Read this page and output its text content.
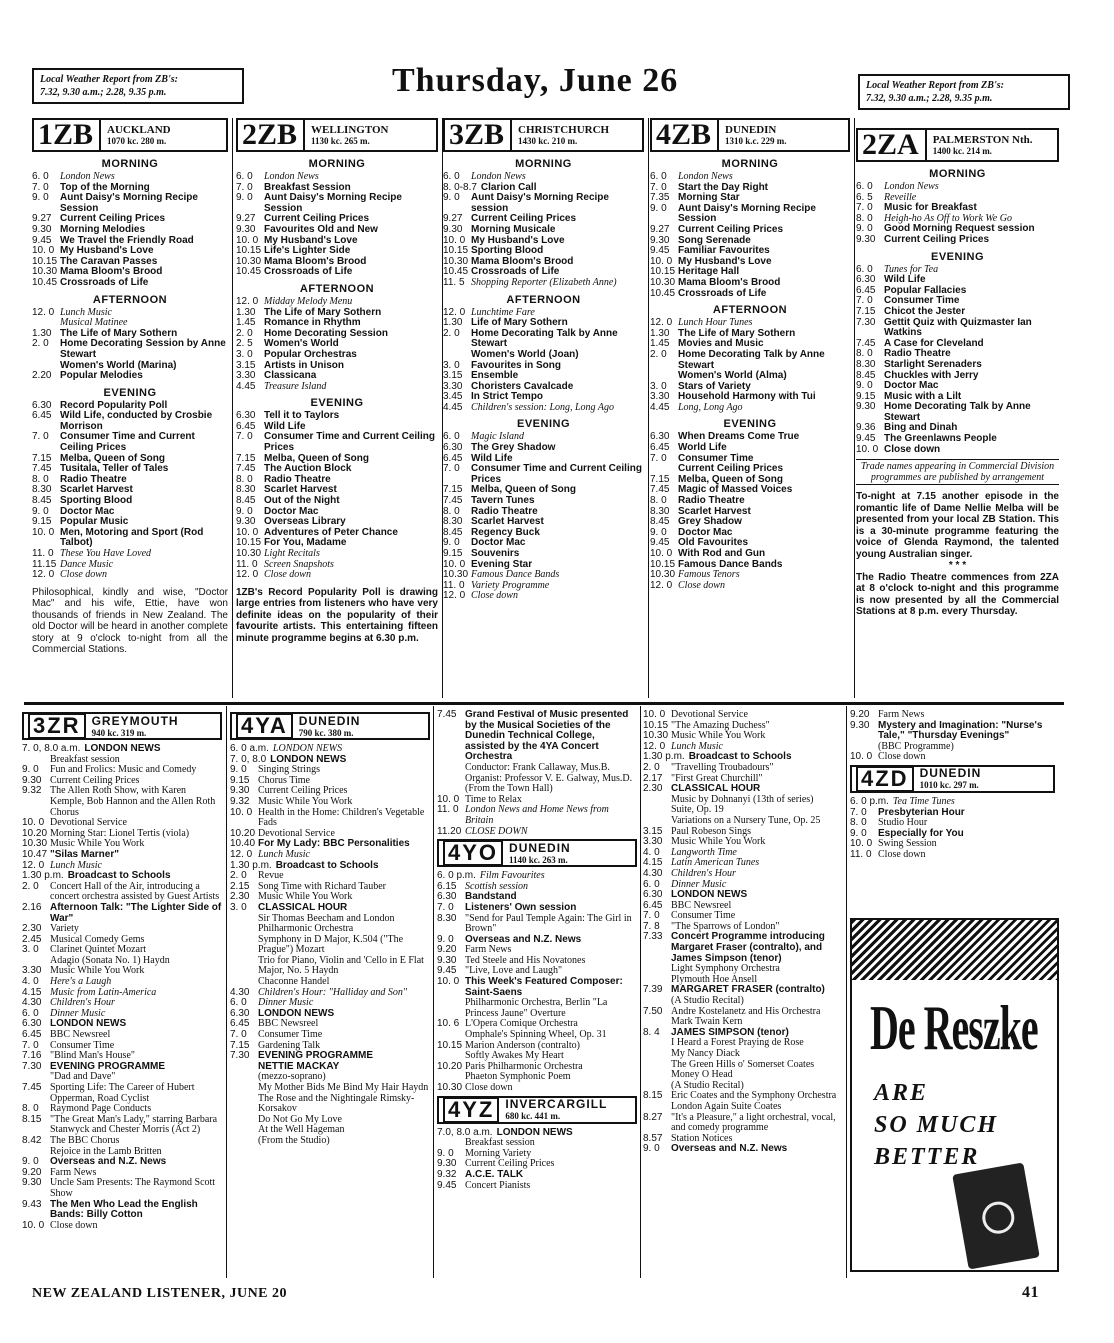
Local Weather Report from ZB's:
7.32, 9.30 a.m.; 2.28, 9.35 p.m.	Thursday, June 26	Local Weather Report from ZB's:
7.32, 9.30 a.m.; 2.28, 9.35 p.m.
1ZB	AUCKLAND
1070 kc. 280 m.
MORNING
6. 0	London News
7. 0	Top of the Morning
9. 0	Aunt Daisy's Morning Recipe Session
9.27 Current Ceiling Prices
9.30 Morning Melodies
9.45 We Travel the Friendly Road
10. 0 My Husband's Love
10.15 The Caravan Passes
10.30 Mama Bloom's Brood
10.45 Crossroads of Life
AFTERNOON
12. 0 Lunch Music
Musical Matinee
1.30 The Life of Mary Sothern
2. 0	Home Decorating Session by Anne Stewart
Women's World (Marina)
2.20 Popular Melodies
EVENING
6.30 Record Popularity Poll
6.45 Wild Life, conducted by Crosbie Morrison
7. 0	Consumer Time and Current Ceiling Prices
7.15 Melba, Queen of Song
7.45 Tusitala, Teller of Tales
8. 0	Radio Theatre
8.30 Scarlet Harvest
8.45 Sporting Blood
9. 0	Doctor Mac
9.15 Popular Music
10. 0 Men, Motoring and Sport (Rod Talbot)
11. 0 These You Have Loved
11.15 Dance Music
12. 0 Close down
Philosophical, kindly and wise, "Doctor Mac" and his wife, Ettie, have won thousands of friends in New Zealand. The old Doctor will be heard in another complete story at 9 o'clock to-night from all the Commercial Stations.
2ZB	WELLINGTON
1130 kc. 265 m.
MORNING
6. 0	London News
7. 0	Breakfast Session
9. 0	Aunt Daisy's Morning Recipe Session
9.27 Current Ceiling Prices
9.30 Favourites Old and New
10. 0 My Husband's Love
10.15 Life's Lighter Side
10.30 Mama Bloom's Brood
10.45 Crossroads of Life
AFTERNOON
12. 0 Midday Melody Menu
1.30 The Life of Mary Sothern
1.45 Romance in Rhythm
2. 0	Home Decorating Session
2. 5	Women's World
3. 0	Popular Orchestras
3.15 Artists in Unison
3.30 Classicana
4.45 Treasure Island
EVENING
6.30 Tell it to Taylors
6.45 Wild Life
7. 0	Consumer Time and Current Ceiling Prices
7.15 Melba, Queen of Song
7.45 The Auction Block
8. 0	Radio Theatre
8.30 Scarlet Harvest
8.45 Out of the Night
9. 0	Doctor Mac
9.30 Overseas Library
10. 0 Adventures of Peter Chance
10.15 For You, Madame
10.30 Light Recitals
11. 0 Screen Snapshots
12. 0 Close down
1ZB's Record Popularity Poll is drawing large entries from listeners who have very definite ideas on the popularity of their favourite artists. This entertaining fifteen minute programme begins at 6.30 p.m.
3ZB	CHRISTCHURCH
1430 kc. 210 m.
MORNING
6. 0	London News
8. 0-8.7 Clarion Call
9. 0	Aunt Daisy's Morning Recipe session
9.27 Current Ceiling Prices
9.30 Morning Musicale
10. 0 My Husband's Love
10.15 Sporting Blood
10.30 Mama Bloom's Brood
10.45 Crossroads of Life
11. 5 Shopping Reporter (Elizabeth Anne)
AFTERNOON
12. 0 Lunchtime Fare
1.30 Life of Mary Sothern
2. 0	Home Decorating Talk by Anne Stewart
Women's World (Joan)
3. 0	Favourites in Song
3.15 Ensemble
3.30 Choristers Cavalcade
3.45 In Strict Tempo
4.45 Children's session: Long, Long Ago
EVENING
6. 0	Magic Island
6.30 The Grey Shadow
6.45 Wild Life
7. 0	Consumer Time and Current Ceiling Prices
7.15 Melba, Queen of Song
7.45 Tavern Tunes
8. 0	Radio Theatre
8.30 Scarlet Harvest
8.45 Regency Buck
9. 0	Doctor Mac
9.15 Souvenirs
10. 0 Evening Star
10.30 Famous Dance Bands
11. 0 Variety Programme
12. 0 Close down
4ZB	DUNEDIN
1310 k.c. 229 m.
MORNING
6. 0	London News
7. 0	Start the Day Right
7.35 Morning Star
9. 0	Aunt Daisy's Morning Recipe Session
9.27 Current Ceiling Prices
9.30 Song Serenade
9.45 Familiar Favourites
10. 0 My Husband's Love
10.15 Heritage Hall
10.30 Mama Bloom's Brood
10.45 Crossroads of Life
AFTERNOON
12. 0 Lunch Hour Tunes
1.30 The Life of Mary Sothern
1.45 Movies and Music
2. 0	Home Decorating Talk by Anne Stewart
Women's World (Alma)
3. 0	Stars of Variety
3.30 Household Harmony with Tui
4.45 Long, Long Ago
EVENING
6.30 When Dreams Come True
6.45 World Life
7. 0	Consumer Time
Current Ceiling Prices
7.15 Melba, Queen of Song
7.45 Magic of Massed Voices
8. 0	Radio Theatre
8.30 Scarlet Harvest
8.45 Grey Shadow
9. 0	Doctor Mac
9.45 Old Favourites
10. 0 With Rod and Gun
10.15 Famous Dance Bands
10.30 Famous Tenors
12. 0 Close down
2ZA	PALMERSTON Nth.
1400 kc. 214 m.
MORNING
6. 0	London News
6. 5	Reveille
7. 0	Music for Breakfast
8. 0	Heigh-ho As Off to Work We Go
9. 0	Good Morning Request session
9.30 Current Ceiling Prices
EVENING
6. 0	Tunes for Tea
6.30 Wild Life
6.45 Popular Fallacies
7. 0	Consumer Time
7.15 Chicot the Jester
7.30 Gettit Quiz with Quizmaster Ian Watkins
7.45 A Case for Cleveland
8. 0	Radio Theatre
8.30 Starlight Serenaders
8.45 Chuckles with Jerry
9. 0	Doctor Mac
9.15 Music with a Lilt
9.30 Home Decorating Talk by Anne Stewart
9.36 Bing and Dinah
9.45 The Greenlawns People
10. 0 Close down
Trade names appearing in Commercial Division programmes are published by arrangement
To-night at 7.15 another episode in the romantic life of Dame Nellie Melba will be presented from your local ZB Station. This is a 30-minute programme featuring the voice of Glenda Raymond, the talented young Australian singer.
* * *
The Radio Theatre commences from 2ZA at 8 o'clock to-night and this programme is now presented by all the Commercial Stations at 8 p.m. every Thursday.
3ZR GREYMOUTH
940 kc. 319 m.
7. 0, 8.0 a.m. LONDON NEWS
Breakfast session
9. 0	Fun and Frolics: Music and Comedy
9.30 Current Ceiling Prices
9.32 The Allen Roth Show, with Karen Kemple, Bob Hannon and the Allen Roth Chorus
10. 0 Devotional Service
10.20 Morning Star: Lionel Tertis (viola)
10.30 Music While You Work
10.47 "Silas Marner"
12. 0 Lunch Music
1.30 p.m. Broadcast to Schools
2. 0	Concert Hall of the Air, introducing a concert orchestra assisted by Guest Artists
2.16 Afternoon Talk: "The Lighter Side of War"
2.30 Variety
2.45 Musical Comedy Gems
3. 0	Clarinet Quintet Mozart
Adagio (Sonata No. 1) Haydn
3.30 Music While You Work
4. 0	Here's a Laugh
4.15 Music from Latin-America
4.30 Children's Hour
6. 0	Dinner Music
6.30 LONDON NEWS
6.45 BBC Newsreel
7. 0	Consumer Time
7.16 "Blind Man's House"
7.30 EVENING PROGRAMME
"Dad and Dave"
7.45 Sporting Life: The Career of Hubert Opperman, Road Cyclist
8. 0	Raymond Page Conducts
8.15 "The Great Man's Lady," starring Barbara Stanwyck and Chester Morris (Act 2)
8.42 The BBC Chorus
Rejoice in the Lamb Britten
9. 0	Overseas and N.Z. News
9.20 Farm News
9.30 Uncle Sam Presents: The Raymond Scott Show
9.43 The Men Who Lead the English Bands: Billy Cotton
10. 0 Close down
4YA DUNEDIN
790 kc. 380 m.
6. 0 a.m. LONDON NEWS
7. 0, 8.0 LONDON NEWS
9. 0	Singing Strings
9.15 Chorus Time
9.30 Current Ceiling Prices
9.32 Music While You Work
10. 0 Health in the Home: Children's Vegetable Fads
10.20 Devotional Service
10.40 For My Lady: BBC Personalities
12. 0 Lunch Music
1.30 p.m. Broadcast to Schools
2. 0	Revue
2.15 Song Time with Richard Tauber
2.30 Music While You Work
3. 0	CLASSICAL HOUR
Sir Thomas Beecham and London Philharmonic Orchestra
Symphony in D Major, K.504 ("The Prague") Mozart
Trio for Piano, Violin and 'Cello in E Flat Major, No. 5 Haydn
Chaconne Handel
4.30 Children's Hour: "Halliday and Son"
6. 0	Dinner Music
6.30 LONDON NEWS
6.45 BBC Newsreel
7. 0	Consumer Time
7.15 Gardening Talk
7.30 EVENING PROGRAMME
NETTIE MACKAY
(mezzo-soprano)
My Mother Bids Me Bind My Hair Haydn
The Rose and the Nightingale Rimsky-Korsakov
Do Not Go My Love
At the Well Hageman
(From the Studio)
7.45 Grand Festival of Music presented by the Musical Societies of the Dunedin Technical College, assisted by the 4YA Concert Orchestra
Conductor: Frank Callaway, Mus.B.
Organist: Professor V. E. Galway, Mus.D.
(From the Town Hall)
10. 0 Time to Relax
11. 0 London News and Home News from Britain
11.20 CLOSE DOWN
4YO DUNEDIN
1140 kc. 263 m.
6. 0 p.m. Film Favourites
6.15 Scottish session
6.30 Bandstand
7. 0	Listeners' Own session
8.30 "Send for Paul Temple Again: The Girl in Brown"
9. 0	Overseas and N.Z. News
9.20 Farm News
9.30 Ted Steele and His Novatones
9.45 "Live, Love and Laugh"
10. 0 This Week's Featured Composer: Saint-Saens
Philharmonic Orchestra, Berlin "La Princess Jaune" Overture
10. 6 L'Opera Comique Orchestra
Omphale's Spinning Wheel, Op. 31
10.15 Marion Anderson (contralto)
Softly Awakes My Heart
10.20 Paris Philharmonic Orchestra
Phaeton Symphonic Poem
10.30 Close down
4YZ INVERCARGILL
680 kc. 441 m.
7.0, 8.0 a.m. LONDON NEWS
Breakfast session
9. 0	Morning Variety
9.30 Current Ceiling Prices
9.32 A.C.E. TALK
9.45 Concert Pianists
10. 0 Devotional Service
10.15 "The Amazing Duchess"
10.30 Music While You Work
12. 0 Lunch Music
1.30 p.m. Broadcast to Schools
2. 0	"Travelling Troubadours"
2.17 "First Great Churchill"
2.30 CLASSICAL HOUR
Music by Dohnanyi (13th of series)
Suite, Op. 19
Variations on a Nursery Tune, Op. 25
3.15 Paul Robeson Sings
3.30 Music While You Work
4. 0	Langworth Time
4.15 Latin American Tunes
4.30 Children's Hour
6. 0	Dinner Music
6.30 LONDON NEWS
6.45 BBC Newsreel
7. 0	Consumer Time
7. 8	"The Sparrows of London"
7.33 Concert Programme introducing Margaret Fraser (contralto), and James Simpson (tenor)
Light Symphony Orchestra
Plymouth Hoe Ansell
7.39 MARGARET FRASER (contralto)
(A Studio Recital)
7.50 Andre Kostelanetz and His Orchestra
Mark Twain Kern
8. 4	JAMES SIMPSON (tenor)
I Heard a Forest Praying de Rose
My Nancy Diack
The Green Hills o' Somerset Coates
Money O Head
(A Studio Recital)
8.15 Eric Coates and the Symphony Orchestra
London Again Suite Coates
8.27 "It's a Pleasure," a light orchestral, vocal, and comedy programme
8.57 Station Notices
9. 0	Overseas and N.Z. News
9.20 Farm News
9.30 Mystery and Imagination: "Nurse's Tale," "Thursday Evenings"
(BBC Programme)
10. 0 Close down
4ZD DUNEDIN
1010 kc. 297 m.
6. 0 p.m. Tea Time Tunes
7. 0	Presbyterian Hour
8. 0	Studio Hour
9. 0	Especially for You
10. 0 Swing Session
11. 0 Close down
De Reszke
ARE
SO MUCH
BETTER
NEW ZEALAND LISTENER, JUNE 20	41
